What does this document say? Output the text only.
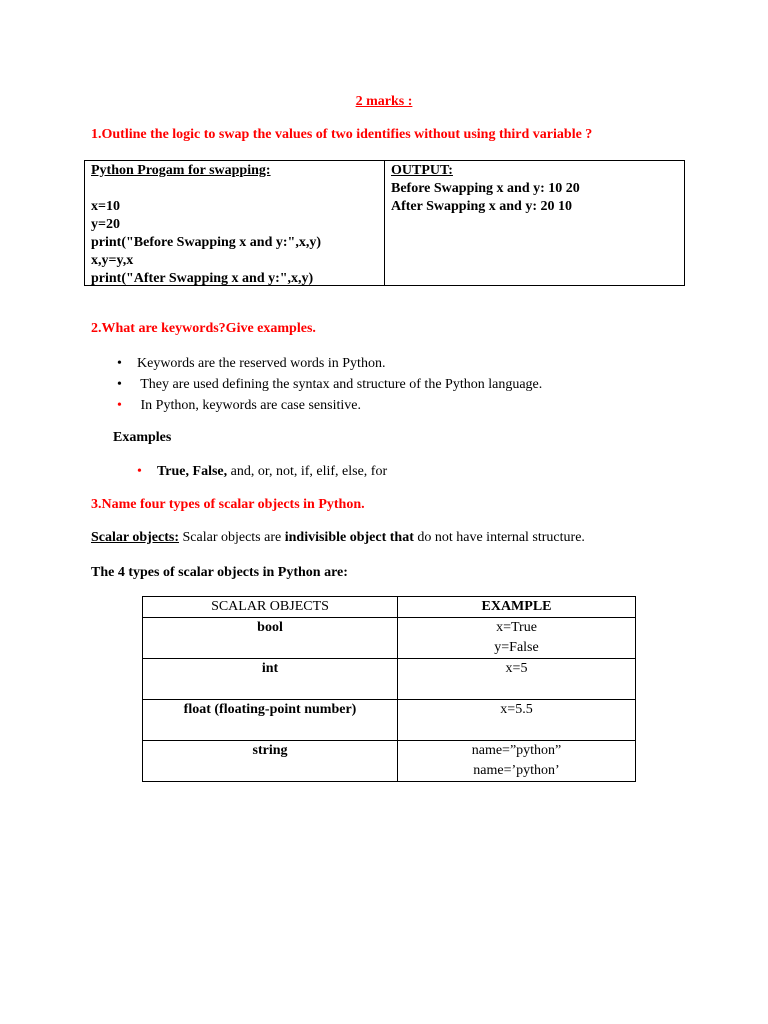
2 marks :
1.Outline the logic to swap the values of two identifies without using third variable ?
Python Progam for swapping:
x=10
y=20
print("Before Swapping x and y:",x,y)
x,y=y,x
print("After Swapping x and y:",x,y)
OUTPUT:
Before Swapping x and y: 10 20
After Swapping x and y: 20 10
2.What are keywords?Give examples.
• Keywords are the reserved words in Python.
• They are used defining the syntax and structure of the Python language.
• In Python, keywords are case sensitive.
Examples
• True, False, and, or, not, if, elif, else, for
3.Name four types of scalar objects in Python.
Scalar objects: Scalar objects are indivisible object that do not have internal structure.
The 4 types of scalar objects in Python are:
SCALAR OBJECTS	EXAMPLE
bool	x=True
y=False

int	x=5

float (floating-point number)	x=5.5

string	name=”python”
name=’python’
